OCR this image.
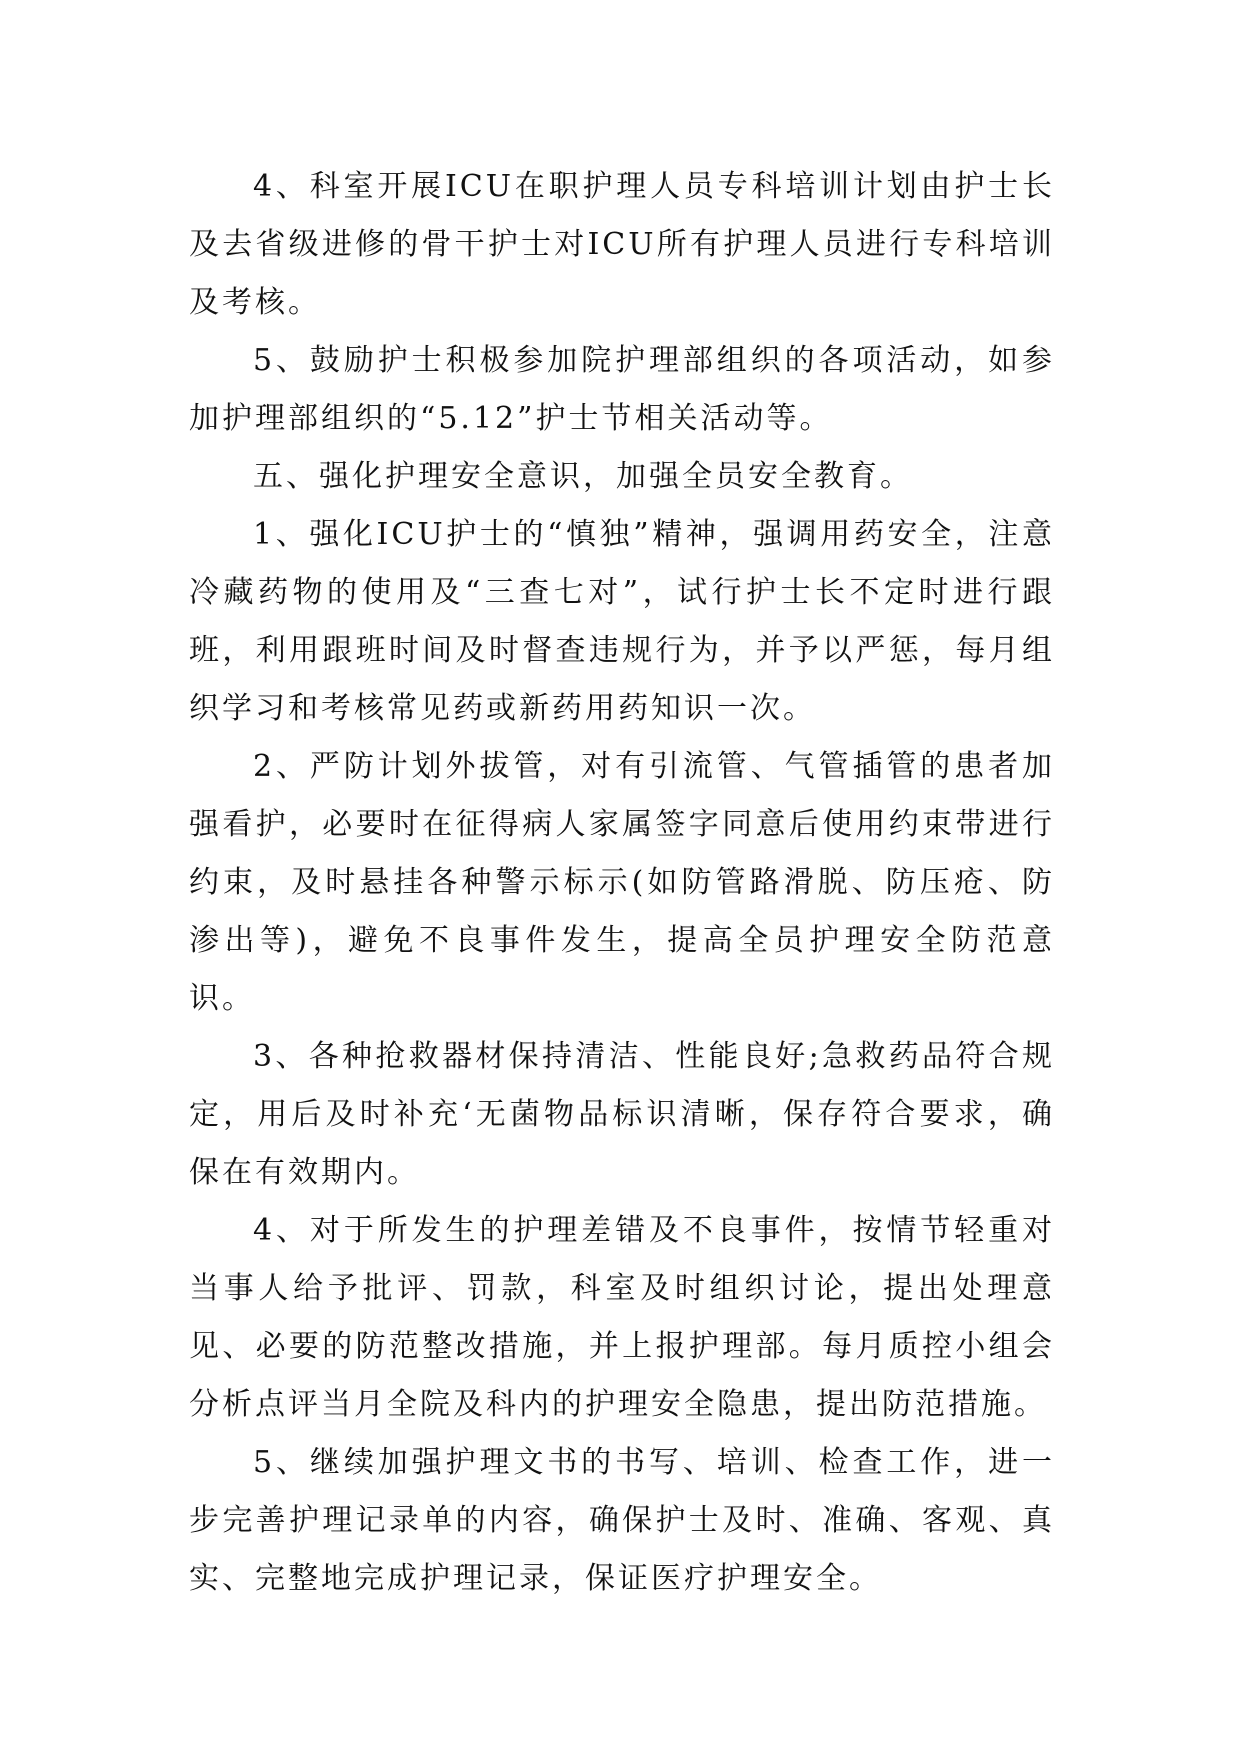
4、科室开展ICU在职护理人员专科培训计划由护士长及去省级进修的骨干护士对ICU所有护理人员进行专科培训及考核。

5、鼓励护士积极参加院护理部组织的各项活动，如参加护理部组织的“5.12”护士节相关活动等。

五、强化护理安全意识，加强全员安全教育。

1、强化ICU护士的“慎独”精神，强调用药安全，注意冷藏药物的使用及“三查七对”，试行护士长不定时进行跟班，利用跟班时间及时督查违规行为，并予以严惩，每月组织学习和考核常见药或新药用药知识一次。

2、严防计划外拔管，对有引流管、气管插管的患者加强看护，必要时在征得病人家属签字同意后使用约束带进行约束，及时悬挂各种警示标示(如防管路滑脱、防压疮、防渗出等)，避免不良事件发生，提高全员护理安全防范意识。

3、各种抢救器材保持清洁、性能良好;急救药品符合规定，用后及时补充‘无菌物品标识清晰，保存符合要求，确保在有效期内。

4、对于所发生的护理差错及不良事件，按情节轻重对当事人给予批评、罚款，科室及时组织讨论，提出处理意见、必要的防范整改措施，并上报护理部。每月质控小组会分析点评当月全院及科内的护理安全隐患，提出防范措施。

5、继续加强护理文书的书写、培训、检查工作，进一步完善护理记录单的内容，确保护士及时、准确、客观、真实、完整地完成护理记录，保证医疗护理安全。
